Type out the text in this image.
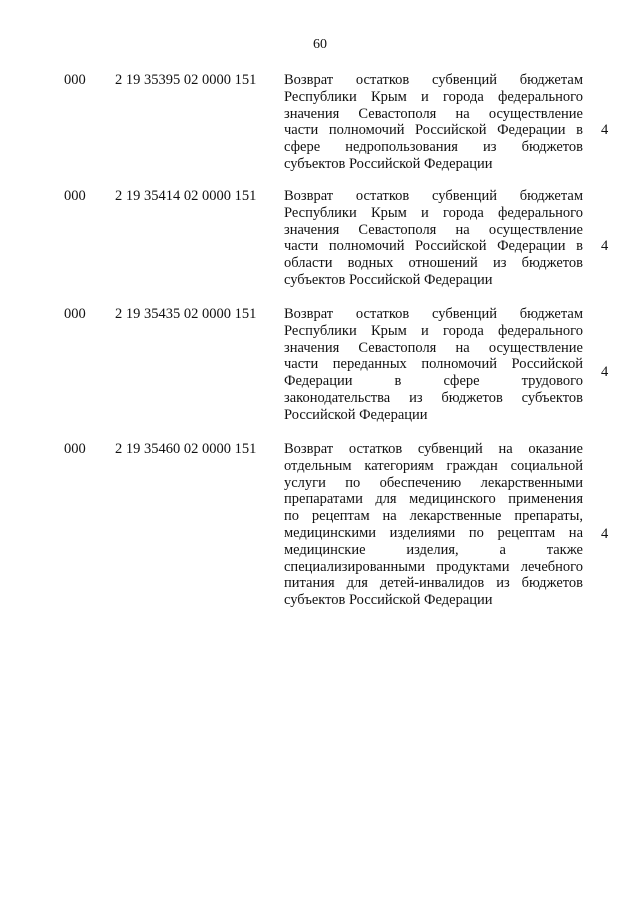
60
000 2 19 35395 02 0000 151 Возврат остатков субвенций бюджетам
Республики Крым и города федерального
значения Севастополя на осуществление
части полномочий Российской Федерации в
сфере недропользования из бюджетов
субъектов Российской Федерации
4
000 2 19 35414 02 0000 151 Возврат остатков субвенций бюджетам
Республики Крым и города федерального
значения Севастополя на осуществление
части полномочий Российской Федерации в
области водных отношений из бюджетов
субъектов Российской Федерации
4
000 2 19 35435 02 0000 151 Возврат остатков субвенций бюджетам
Республики Крым и города федерального
значения Севастополя на осуществление
части переданных полномочий Российской
Федерации в сфере трудового
законодательства из бюджетов субъектов
Российской Федерации
4
000 2 19 35460 02 0000 151 Возврат остатков субвенций на оказание
отдельным категориям граждан социальной
услуги по обеспечению лекарственными
препаратами для медицинского применения
по рецептам на лекарственные препараты,
медицинскими изделиями по рецептам на
медицинские изделия, а также
специализированными продуктами лечебного
питания для детей-инвалидов из бюджетов
субъектов Российской Федерации
4
